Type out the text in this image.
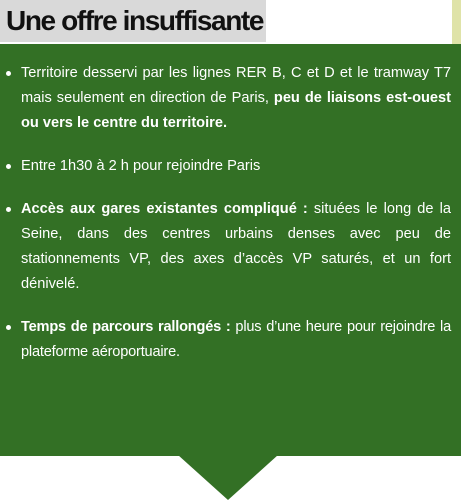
Une offre insuffisante
Territoire desservi par les lignes RER B, C et D et le tramway T7 mais seulement en direction de Paris, peu de liaisons est-ouest ou vers le centre du territoire.
Entre 1h30 à 2 h pour rejoindre Paris
Accès aux gares existantes compliqué : situées le long de la Seine, dans des centres urbains denses avec peu de stationnements VP, des axes d’accès VP saturés, et un fort dénivelé.
Temps de parcours rallongés : plus d’une heure pour rejoindre la plateforme aéroportuaire.
